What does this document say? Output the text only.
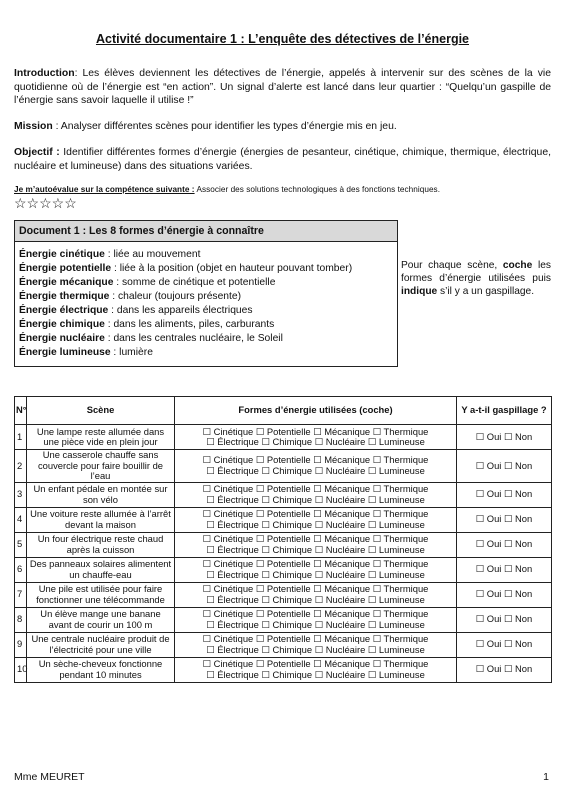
Activité documentaire 1 : L’enquête des détectives de l’énergie

Introduction: Les élèves deviennent les détectives de l’énergie, appelés à intervenir sur des scènes de la vie quotidienne où de l’énergie est “en action”. Un signal d’alerte est lancé dans leur quartier : “Quelqu’un gaspille de l’énergie sans savoir laquelle il utilise !”

Mission : Analyser différentes scènes pour identifier les types d’énergie mis en jeu.

Objectif : Identifier différentes formes d’énergie (énergies de pesanteur, cinétique, chimique, thermique, électrique, nucléaire et lumineuse) dans des situations variées.

Je m’autoévalue sur la compétence suivante : Associer des solutions technologiques à des fonctions techniques.
☆☆☆☆☆
Document 1 : Les 8 formes d’énergie à connaître
Énergie cinétique : liée au mouvement
Énergie potentielle : liée à la position (objet en hauteur pouvant tomber)
Énergie mécanique : somme de cinétique et potentielle
Énergie thermique : chaleur (toujours présente)
Énergie électrique : dans les appareils électriques
Énergie chimique : dans les aliments, piles, carburants
Énergie nucléaire : dans les centrales nucléaire, le Soleil
Énergie lumineuse : lumière
Pour chaque scène, coche les formes d’énergie utilisées puis indique s’il y a un gaspillage.
N°	Scène	Formes d’énergie utilisées (coche)	Y a-t-il gaspillage ?
1	Une lampe reste allumée dans une pièce vide en plein jour	☐ Cinétique ☐ Potentielle ☐ Mécanique ☐ Thermique
☐ Électrique ☐ Chimique ☐ Nucléaire ☐ Lumineuse	☐ Oui ☐ Non
2	Une casserole chauffe sans couvercle pour faire bouillir de l’eau	☐ Cinétique ☐ Potentielle ☐ Mécanique ☐ Thermique
☐ Électrique ☐ Chimique ☐ Nucléaire ☐ Lumineuse	☐ Oui ☐ Non
3	Un enfant pédale en montée sur son vélo	☐ Cinétique ☐ Potentielle ☐ Mécanique ☐ Thermique
☐ Électrique ☐ Chimique ☐ Nucléaire ☐ Lumineuse	☐ Oui ☐ Non
4	Une voiture reste allumée à l’arrêt devant la maison	☐ Cinétique ☐ Potentielle ☐ Mécanique ☐ Thermique
☐ Électrique ☐ Chimique ☐ Nucléaire ☐ Lumineuse	☐ Oui ☐ Non
5	Un four électrique reste chaud après la cuisson	☐ Cinétique ☐ Potentielle ☐ Mécanique ☐ Thermique
☐ Électrique ☐ Chimique ☐ Nucléaire ☐ Lumineuse	☐ Oui ☐ Non
6	Des panneaux solaires alimentent un chauffe-eau	☐ Cinétique ☐ Potentielle ☐ Mécanique ☐ Thermique
☐ Électrique ☐ Chimique ☐ Nucléaire ☐ Lumineuse	☐ Oui ☐ Non
7	Une pile est utilisée pour faire fonctionner une télécommande	☐ Cinétique ☐ Potentielle ☐ Mécanique ☐ Thermique
☐ Électrique ☐ Chimique ☐ Nucléaire ☐ Lumineuse	☐ Oui ☐ Non
8	Un élève mange une banane avant de courir un 100 m	☐ Cinétique ☐ Potentielle ☐ Mécanique ☐ Thermique
☐ Électrique ☐ Chimique ☐ Nucléaire ☐ Lumineuse	☐ Oui ☐ Non
9	Une centrale nucléaire produit de l’électricité pour une ville	☐ Cinétique ☐ Potentielle ☐ Mécanique ☐ Thermique
☐ Électrique ☐ Chimique ☐ Nucléaire ☐ Lumineuse	☐ Oui ☐ Non
10	Un sèche-cheveux fonctionne pendant 10 minutes	☐ Cinétique ☐ Potentielle ☐ Mécanique ☐ Thermique
☐ Électrique ☐ Chimique ☐ Nucléaire ☐ Lumineuse	☐ Oui ☐ Non
Mme MEURET	1
